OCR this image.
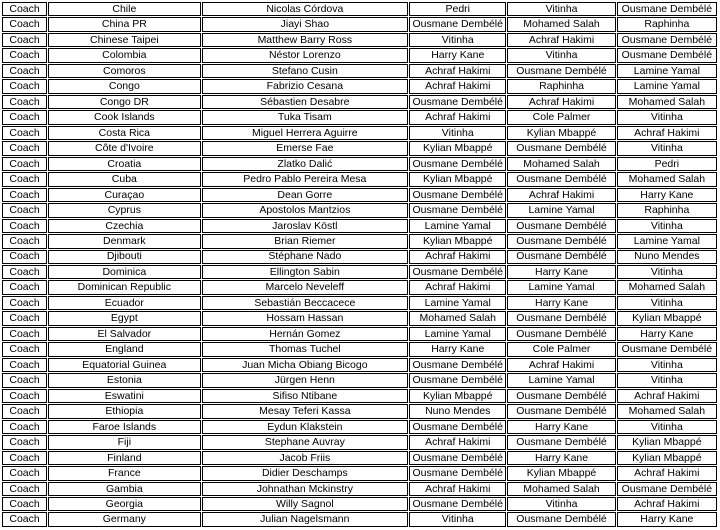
Coach	Chile	Nicolas Córdova	Pedri	Vitinha	Ousmane Dembélé
Coach	China PR	Jiayi Shao	Ousmane Dembélé	Mohamed Salah	Raphinha
Coach	Chinese Taipei	Matthew Barry Ross	Vitinha	Achraf Hakimi	Ousmane Dembélé
Coach	Colombia	Néstor Lorenzo	Harry Kane	Vitinha	Ousmane Dembélé
Coach	Comoros	Stefano Cusin	Achraf Hakimi	Ousmane Dembélé	Lamine Yamal
Coach	Congo	Fabrizio Cesana	Achraf Hakimi	Raphinha	Lamine Yamal
Coach	Congo DR	Sébastien Desabre	Ousmane Dembélé	Achraf Hakimi	Mohamed Salah
Coach	Cook Islands	Tuka Tisam	Achraf Hakimi	Cole Palmer	Vitinha
Coach	Costa Rica	Miguel Herrera Aguirre	Vitinha	Kylian Mbappé	Achraf Hakimi
Coach	Côte d'Ivoire	Emerse Fae	Kylian Mbappé	Ousmane Dembélé	Vitinha
Coach	Croatia	Zlatko Dalić	Ousmane Dembélé	Mohamed Salah	Pedri
Coach	Cuba	Pedro Pablo Pereira Mesa	Kylian Mbappé	Ousmane Dembélé	Mohamed Salah
Coach	Curaçao	Dean Gorre	Ousmane Dembélé	Achraf Hakimi	Harry Kane
Coach	Cyprus	Apostolos Mantzios	Ousmane Dembélé	Lamine Yamal	Raphinha
Coach	Czechia	Jaroslav Köstl	Lamine Yamal	Ousmane Dembélé	Vitinha
Coach	Denmark	Brian Riemer	Kylian Mbappé	Ousmane Dembélé	Lamine Yamal
Coach	Djibouti	Stéphane Nado	Achraf Hakimi	Ousmane Dembélé	Nuno Mendes
Coach	Dominica	Ellington Sabin	Ousmane Dembélé	Harry Kane	Vitinha
Coach	Dominican Republic	Marcelo Neveleff	Achraf Hakimi	Lamine Yamal	Mohamed Salah
Coach	Ecuador	Sebastián Beccacece	Lamine Yamal	Harry Kane	Vitinha
Coach	Egypt	Hossam Hassan	Mohamed Salah	Ousmane Dembélé	Kylian Mbappé
Coach	El Salvador	Hernán Gomez	Lamine Yamal	Ousmane Dembélé	Harry Kane
Coach	England	Thomas Tuchel	Harry Kane	Cole Palmer	Ousmane Dembélé
Coach	Equatorial Guinea	Juan Micha Obiang Bicogo	Ousmane Dembélé	Achraf Hakimi	Vitinha
Coach	Estonia	Jürgen Henn	Ousmane Dembélé	Lamine Yamal	Vitinha
Coach	Eswatini	Sifiso Ntibane	Kylian Mbappé	Ousmane Dembélé	Achraf Hakimi
Coach	Ethiopia	Mesay Teferi Kassa	Nuno Mendes	Ousmane Dembélé	Mohamed Salah
Coach	Faroe Islands	Eydun Klakstein	Ousmane Dembélé	Harry Kane	Vitinha
Coach	Fiji	Stephane Auvray	Achraf Hakimi	Ousmane Dembélé	Kylian Mbappé
Coach	Finland	Jacob Friis	Ousmane Dembélé	Harry Kane	Kylian Mbappé
Coach	France	Didier Deschamps	Ousmane Dembélé	Kylian Mbappé	Achraf Hakimi
Coach	Gambia	Johnathan Mckinstry	Achraf Hakimi	Mohamed Salah	Ousmane Dembélé
Coach	Georgia	Willy Sagnol	Ousmane Dembélé	Vitinha	Achraf Hakimi
Coach	Germany	Julian Nagelsmann	Vitinha	Ousmane Dembélé	Harry Kane
